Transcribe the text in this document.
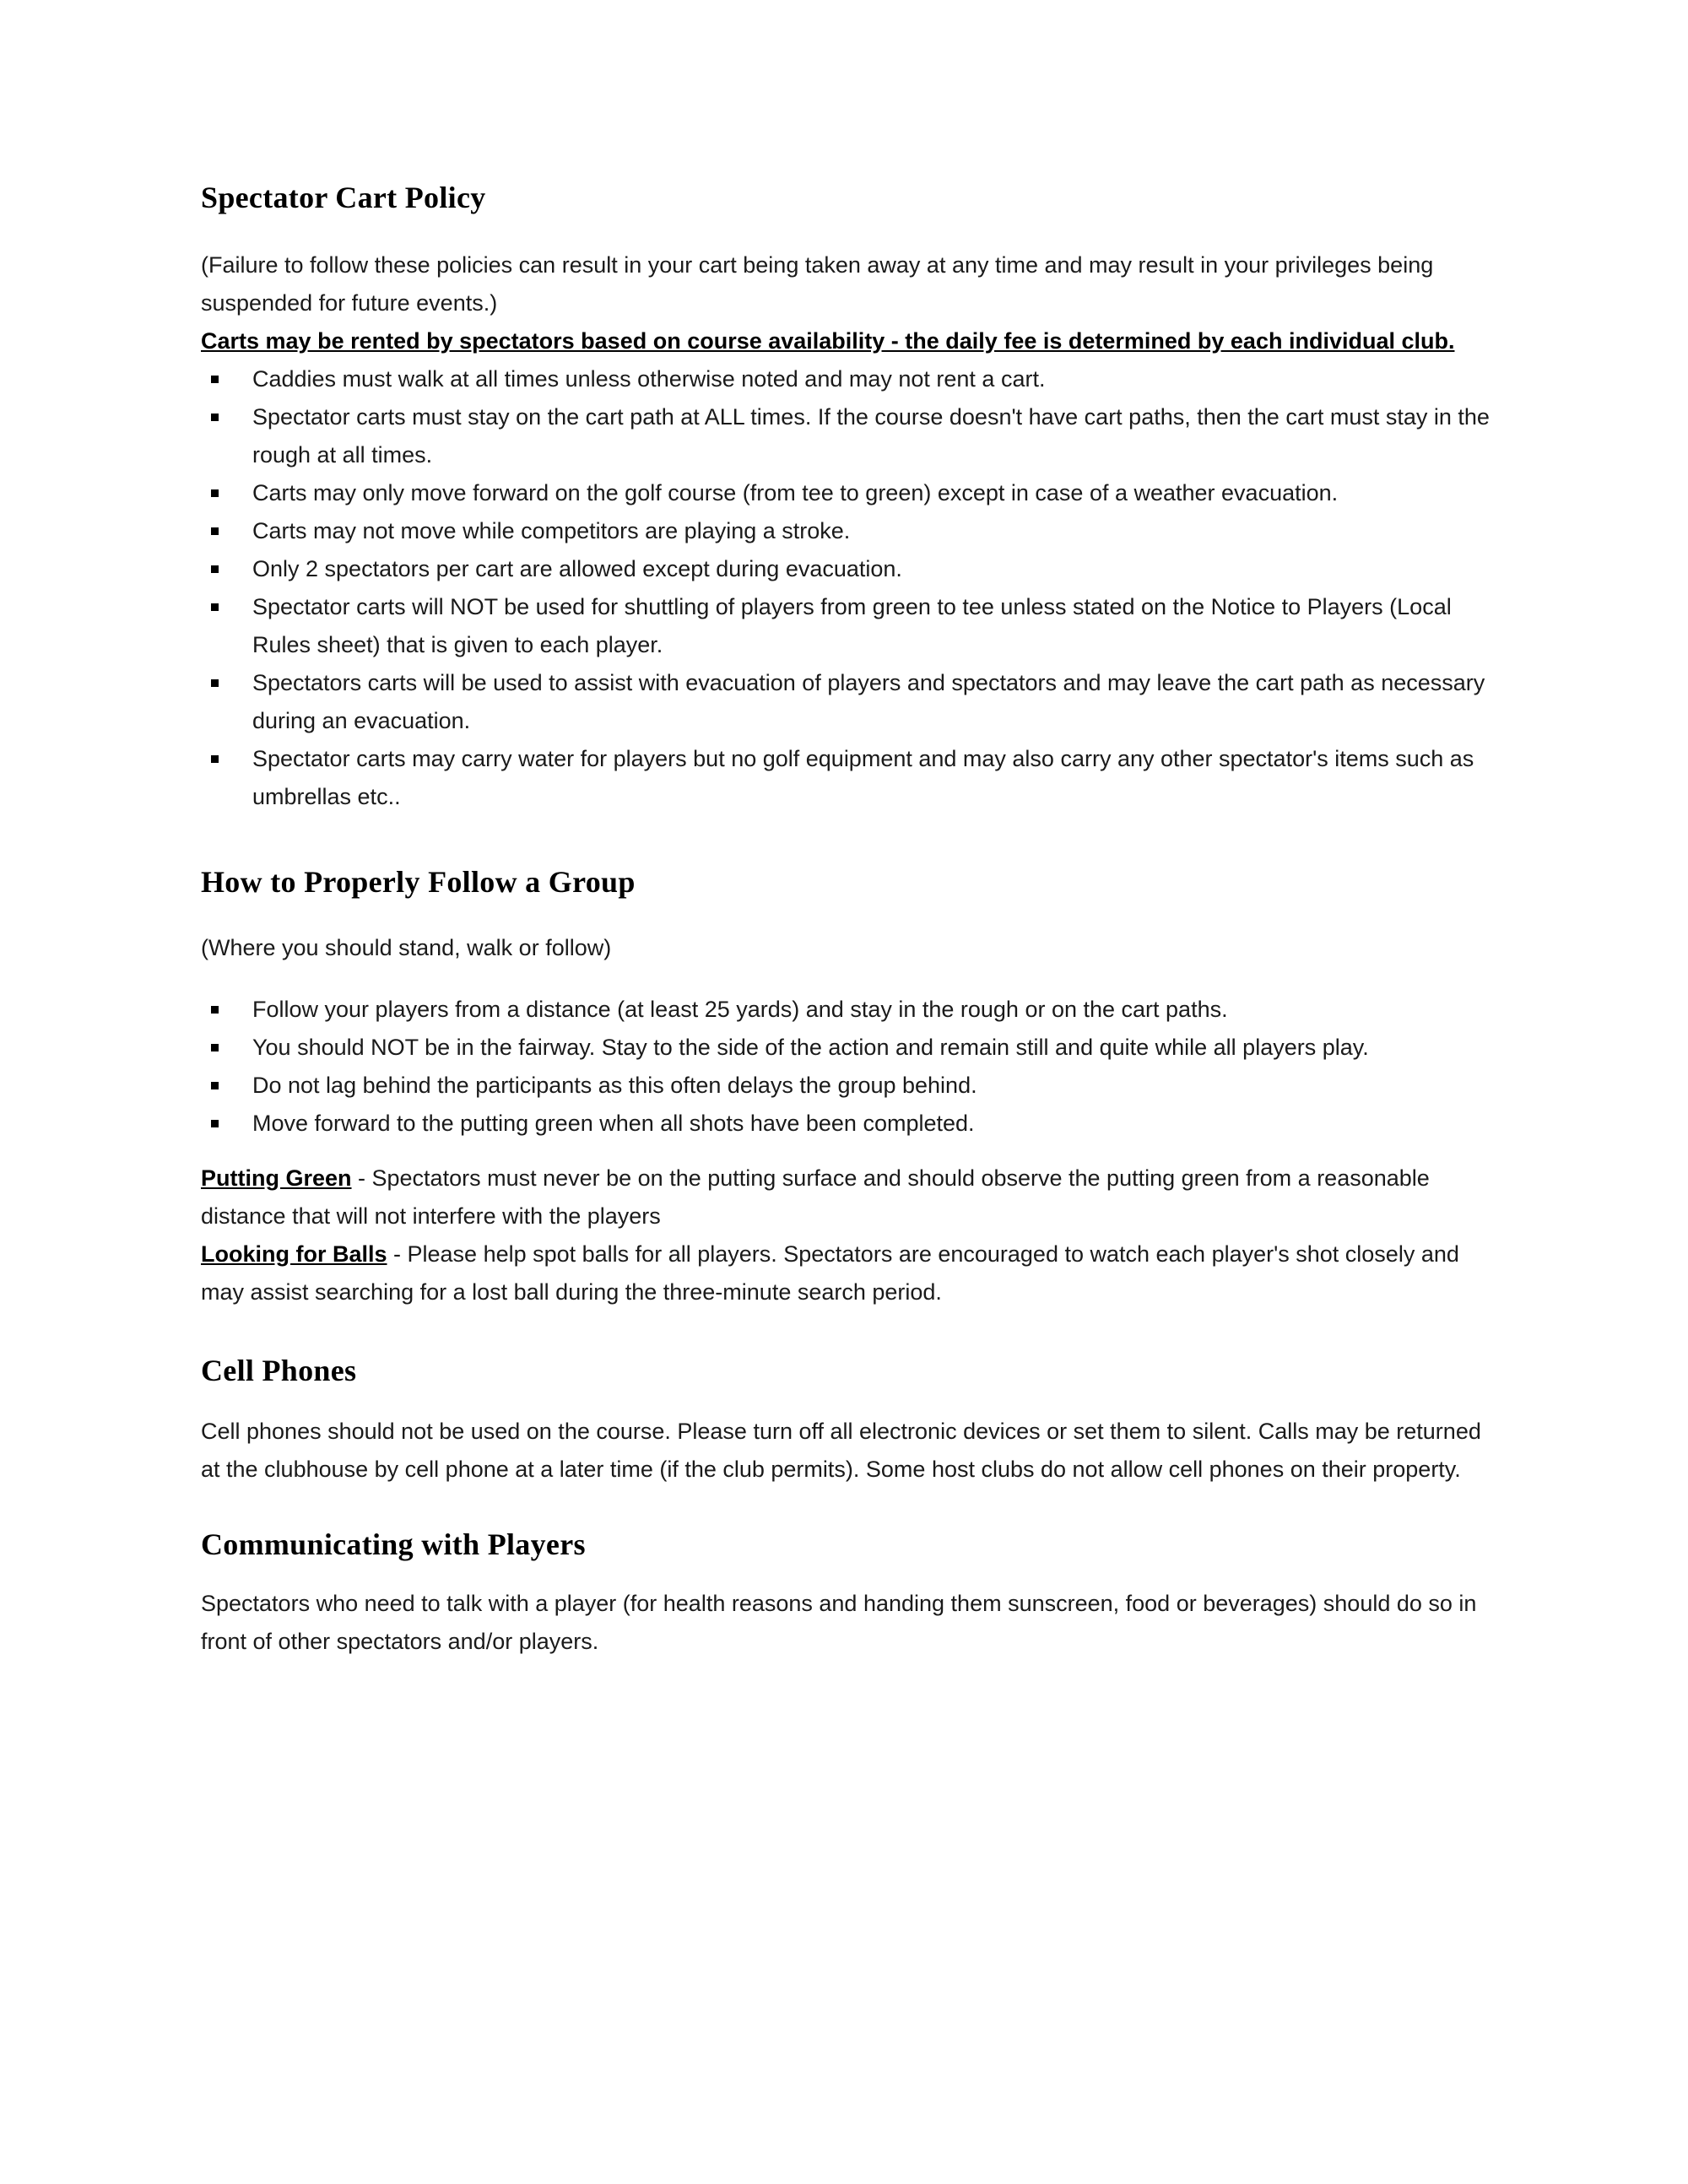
Spectator Cart Policy

(Failure to follow these policies can result in your cart being taken away at any time and may result in your privileges being suspended for future events.)

Carts may be rented by spectators based on course availability - the daily fee is determined by each individual club.

Caddies must walk at all times unless otherwise noted and may not rent a cart.
Spectator carts must stay on the cart path at ALL times. If the course doesn't have cart paths, then the cart must stay in the rough at all times.
Carts may only move forward on the golf course (from tee to green) except in case of a weather evacuation.
Carts may not move while competitors are playing a stroke.
Only 2 spectators per cart are allowed except during evacuation.
Spectator carts will NOT be used for shuttling of players from green to tee unless stated on the Notice to Players (Local Rules sheet) that is given to each player.
Spectators carts will be used to assist with evacuation of players and spectators and may leave the cart path as necessary during an evacuation.
Spectator carts may carry water for players but no golf equipment and may also carry any other spectator's items such as umbrellas etc..
How to Properly Follow a Group

(Where you should stand, walk or follow)

Follow your players from a distance (at least 25 yards) and stay in the rough or on the cart paths.
You should NOT be in the fairway. Stay to the side of the action and remain still and quite while all players play.
Do not lag behind the participants as this often delays the group behind.
Move forward to the putting green when all shots have been completed.

Putting Green - Spectators must never be on the putting surface and should observe the putting green from a reasonable distance that will not interfere with the players

Looking for Balls - Please help spot balls for all players. Spectators are encouraged to watch each player's shot closely and may assist searching for a lost ball during the three-minute search period.

Cell Phones

Cell phones should not be used on the course. Please turn off all electronic devices or set them to silent. Calls may be returned at the clubhouse by cell phone at a later time (if the club permits). Some host clubs do not allow cell phones on their property.

Communicating with Players

Spectators who need to talk with a player (for health reasons and handing them sunscreen, food or beverages) should do so in front of other spectators and/or players.
